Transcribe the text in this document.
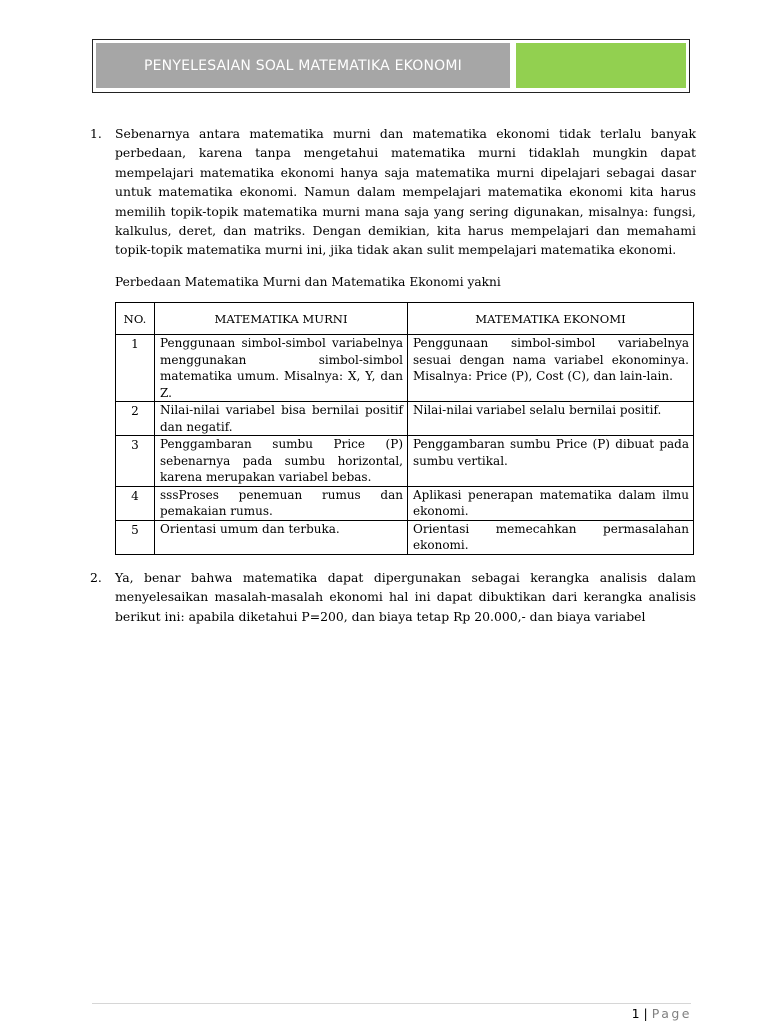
PENYELESAIAN SOAL MATEMATIKA EKONOMI
1.	Sebenarnya antara matematika murni dan matematika ekonomi tidak terlalu banyak perbedaan, karena tanpa mengetahui matematika murni tidaklah mungkin dapat mempelajari matematika ekonomi hanya saja matematika murni dipelajari sebagai dasar untuk matematika ekonomi. Namun dalam mempelajari matematika ekonomi kita harus memilih topik-topik matematika murni mana saja yang sering digunakan, misalnya: fungsi, kalkulus, deret, dan matriks. Dengan demikian, kita harus mempelajari dan memahami topik-topik matematika murni ini, jika tidak akan sulit mempelajari matematika ekonomi.
Perbedaan Matematika Murni dan Matematika Ekonomi yakni
NO.	MATEMATIKA MURNI	MATEMATIKA EKONOMI
1	Penggunaan simbol-simbol variabelnya menggunakan simbol-simbol matematika umum. Misalnya: X, Y, dan Z.	Penggunaan simbol-simbol variabelnya sesuai dengan nama variabel ekonominya. Misalnya: Price (P), Cost (C), dan lain-lain.
2	Nilai-nilai variabel bisa bernilai positif dan negatif.	Nilai-nilai variabel selalu bernilai positif.
3	Penggambaran sumbu Price (P) sebenarnya pada sumbu horizontal, karena merupakan variabel bebas.	Penggambaran sumbu Price (P) dibuat pada sumbu vertikal.
4	sssProses penemuan rumus dan pemakaian rumus.	Aplikasi penerapan matematika dalam ilmu ekonomi.
5	Orientasi umum dan terbuka.	Orientasi memecahkan permasalahan ekonomi.
2.	Ya, benar bahwa matematika dapat dipergunakan sebagai kerangka analisis dalam menyelesaikan masalah-masalah ekonomi hal ini dapat dibuktikan dari kerangka analisis berikut ini: apabila diketahui P=200, dan biaya tetap Rp 20.000,- dan biaya variabel
1 | Page
